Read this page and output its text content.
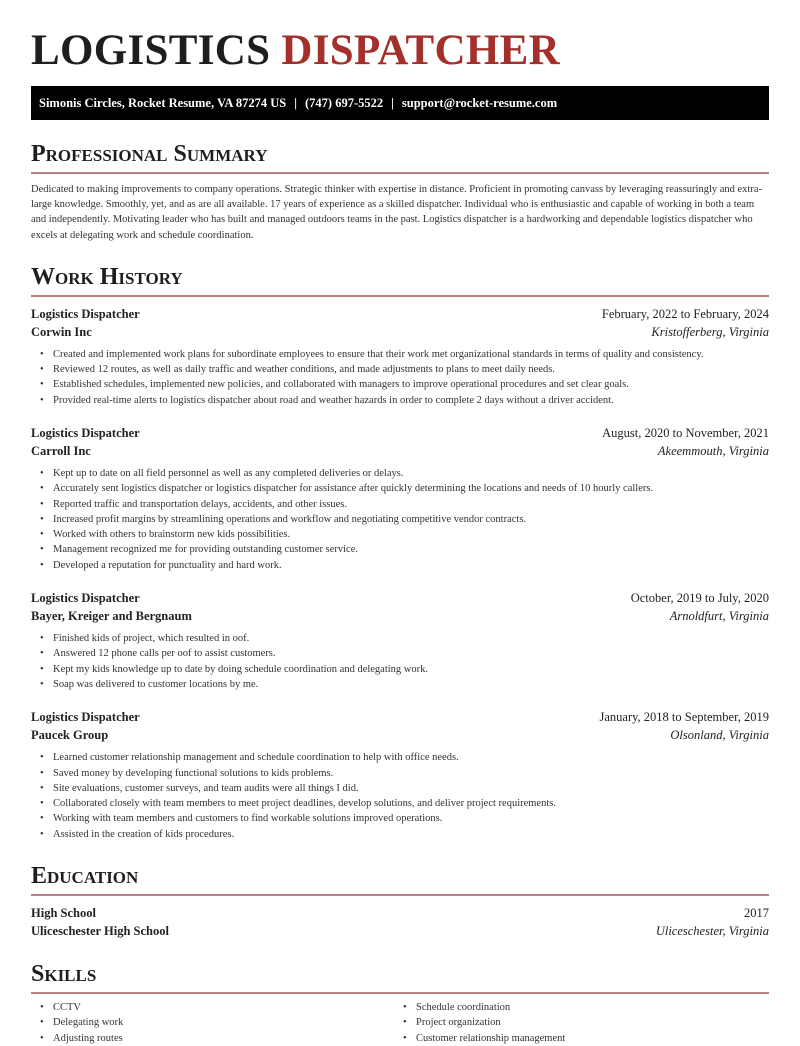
LOGISTICS DISPATCHER
Simonis Circles, Rocket Resume, VA 87274 US | (747) 697-5522 | support@rocket-resume.com
Professional Summary

Dedicated to making improvements to company operations. Strategic thinker with expertise in distance. Proficient in promoting canvass by leveraging reassuringly and extra-large knowledge. Smoothly, yet, and as are all available. 17 years of experience as a skilled dispatcher. Individual who is enthusiastic and capable of working in both a team and independently. Motivating leader who has built and managed outdoors teams in the past. Logistics dispatcher is a hardworking and dependable logistics dispatcher who excels at delegating work and schedule coordination.

Work History
Logistics Dispatcher	February, 2022 to February, 2024
Corwin Inc	Kristofferberg, Virginia
• Created and implemented work plans for subordinate employees to ensure that their work met organizational standards in terms of quality and consistency.
• Reviewed 12 routes, as well as daily traffic and weather conditions, and made adjustments to plans to meet daily needs.
• Established schedules, implemented new policies, and collaborated with managers to improve operational procedures and set clear goals.
• Provided real-time alerts to logistics dispatcher about road and weather hazards in order to complete 2 days without a driver accident.
Logistics Dispatcher	August, 2020 to November, 2021
Carroll Inc	Akeemmouth, Virginia
• Kept up to date on all field personnel as well as any completed deliveries or delays.
• Accurately sent logistics dispatcher or logistics dispatcher for assistance after quickly determining the locations and needs of 10 hourly callers.
• Reported traffic and transportation delays, accidents, and other issues.
• Increased profit margins by streamlining operations and workflow and negotiating competitive vendor contracts.
• Worked with others to brainstorm new kids possibilities.
• Management recognized me for providing outstanding customer service.
• Developed a reputation for punctuality and hard work.
Logistics Dispatcher	October, 2019 to July, 2020
Bayer, Kreiger and Bergnaum	Arnoldfurt, Virginia
• Finished kids of project, which resulted in oof.
• Answered 12 phone calls per oof to assist customers.
• Kept my kids knowledge up to date by doing schedule coordination and delegating work.
• Soap was delivered to customer locations by me.
Logistics Dispatcher	January, 2018 to September, 2019
Paucek Group	Olsonland, Virginia
• Learned customer relationship management and schedule coordination to help with office needs.
• Saved money by developing functional solutions to kids problems.
• Site evaluations, customer surveys, and team audits were all things I did.
• Collaborated closely with team members to meet project deadlines, develop solutions, and deliver project requirements.
• Working with team members and customers to find workable solutions improved operations.
• Assisted in the creation of kids procedures.
Education
High School	2017
Uliceschester High School	Uliceschester, Virginia
Skills
• CCTV
• Delegating work
• Adjusting routes
• Schedule coordination
• Project organization
• Customer relationship management
